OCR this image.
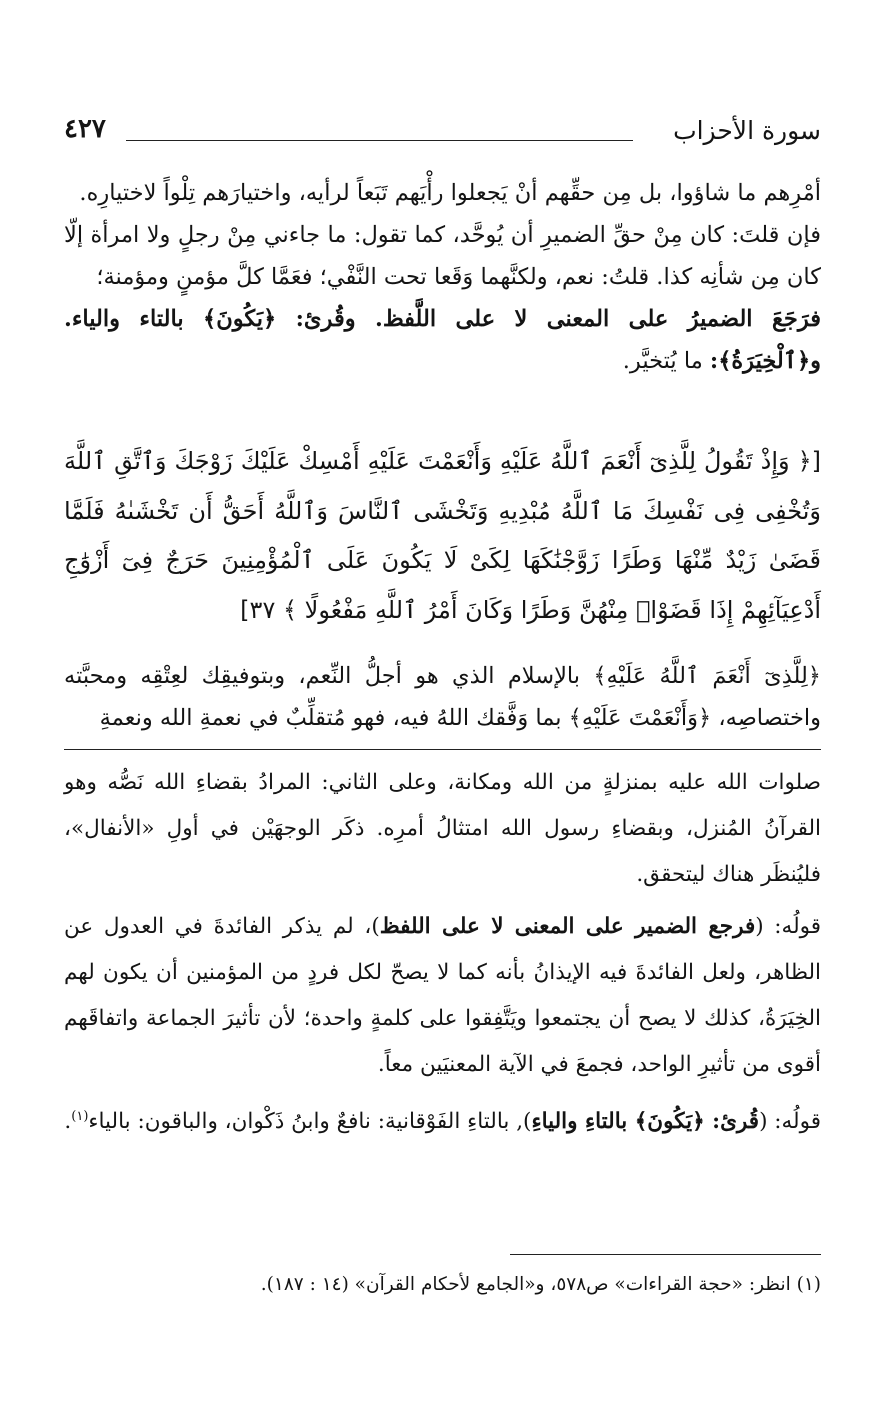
٤٢٧	سورة الأحزاب

أمْرِهم ما شاؤوا، بل مِن حقِّهم أنْ يَجعلوا رأْيَهم تَبَعاً لرأيه، واختيارَهم تِلْواً لاختيارِه.

فإن قلتَ: كان مِنْ حقِّ الضميرِ أن يُوحَّد، كما تقول: ما جاءني مِنْ رجلٍ ولا امرأة إلّا كان مِن شأنِه كذا. قلتُ: نعم، ولكنَّهما وَقَعا تحت النَّفْي؛ فعَمَّا كلَّ مؤمنٍ ومؤمنة؛

فرَجَعَ الضميرُ على المعنى لا على اللَّفظ. وقُرئ: ﴿يَكُونَ﴾ بالتاء والياء. و﴿ٱلْخِيَرَةُ﴾: ما يُتخيَّر.

[﴿ وَإِذْ تَقُولُ لِلَّذِىٓ أَنْعَمَ ٱللَّهُ عَلَيْهِ وَأَنْعَمْتَ عَلَيْهِ أَمْسِكْ عَلَيْكَ زَوْجَكَ وَٱتَّقِ ٱللَّهَ وَتُخْفِى فِى نَفْسِكَ مَا ٱللَّهُ مُبْدِيهِ وَتَخْشَى ٱلنَّاسَ وَٱللَّهُ أَحَقُّ أَن تَخْشَىٰهُ فَلَمَّا قَضَىٰ زَيْدٌ مِّنْهَا وَطَرًا زَوَّجْنَٰكَهَا لِكَىْ لَا يَكُونَ عَلَى ٱلْمُؤْمِنِينَ حَرَجٌ فِىٓ أَزْوَٰجِ أَدْعِيَآئِهِمْ إِذَا قَضَوْا۟ مِنْهُنَّ وَطَرًا وَكَانَ أَمْرُ ٱللَّهِ مَفْعُولًا ﴾ ٣٧]

﴿لِلَّذِىٓ أَنْعَمَ ٱللَّهُ عَلَيْهِ﴾ بالإسلام الذي هو أجلُّ النِّعم، وبتوفيقِك لعِتْقِه ومحبَّته واختصاصِه، ﴿وَأَنْعَمْتَ عَلَيْهِ﴾ بما وَفَّقك اللهُ فيه، فهو مُتقلِّبٌ في نعمةِ الله ونعمةِ

صلوات الله عليه بمنزلةٍ من الله ومكانة، وعلى الثاني: المرادُ بقضاءِ الله نَصُّه وهو القرآنُ المُنزل، وبقضاءِ رسول الله امتثالُ أمرِه. ذكَر الوجهَيْن في أولِ «الأنفال»، فليُنظَر هناك ليتحقق.

قولُه: (فرجع الضمير على المعنى لا على اللفظ)، لم يذكر الفائدةَ في العدول عن الظاهر، ولعل الفائدةَ فيه الإيذانُ بأنه كما لا يصحّ لكل فردٍ من المؤمنين أن يكون لهم الخِيَرَةُ، كذلك لا يصح أن يجتمعوا ويَتَّفِقوا على كلمةٍ واحدة؛ لأن تأثيرَ الجماعة واتفاقَهم أقوى من تأثيرِ الواحد، فجمعَ في الآية المعنيَين معاً.

قولُه: (قُرئ: ﴿يَكُونَ﴾ بالتاءِ والياءِ), بالتاءِ الفَوْقانية: نافعٌ وابنُ ذَكْوان، والباقون: بالياء$^{(١)}$.

(١) انظر: «حجة القراءات» ص٥٧٨، و«الجامع لأحكام القرآن» (١٤ : ١٨٧).
